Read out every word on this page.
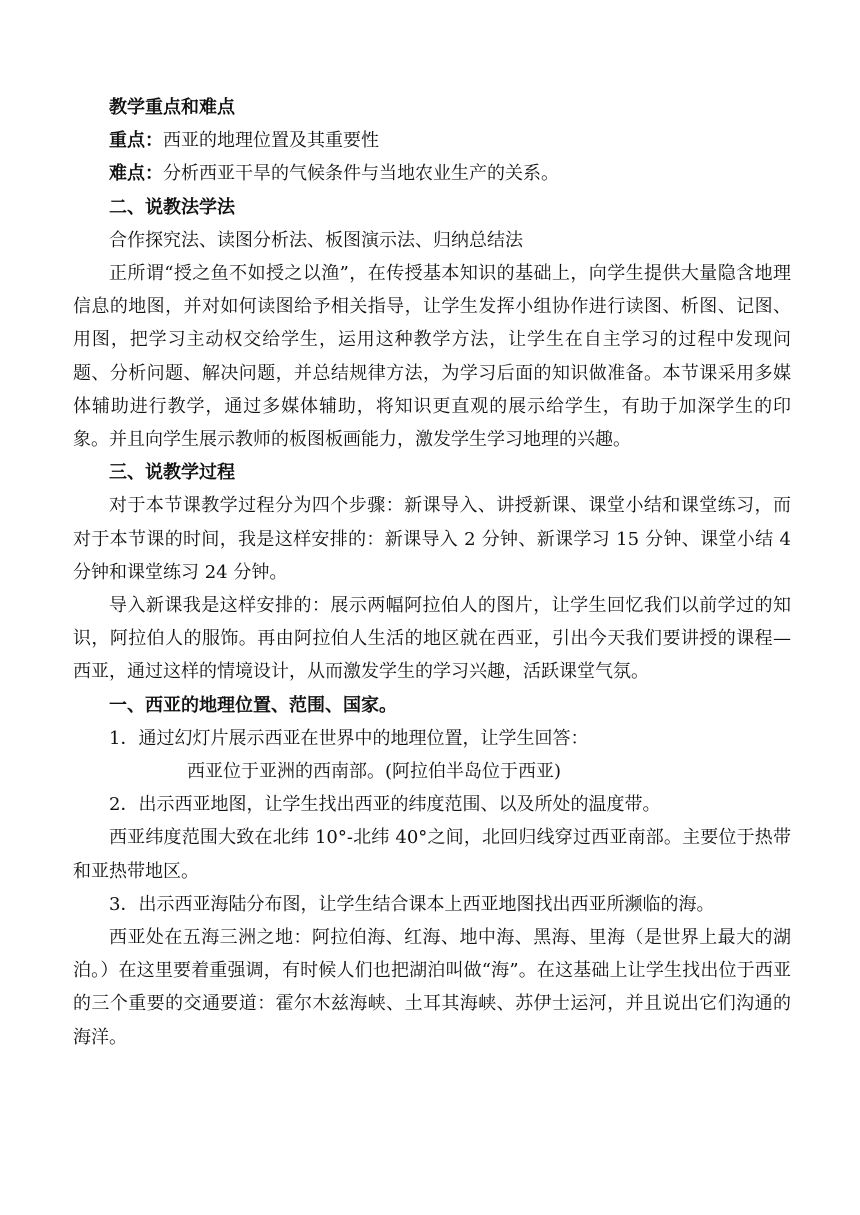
教学重点和难点

重点：西亚的地理位置及其重要性

难点：分析西亚干旱的气候条件与当地农业生产的关系。

二、说教法学法

合作探究法、读图分析法、板图演示法、归纳总结法

正所谓“授之鱼不如授之以渔”，在传授基本知识的基础上，向学生提供大量隐含地理信息的地图，并对如何读图给予相关指导，让学生发挥小组协作进行读图、析图、记图、用图，把学习主动权交给学生，运用这种教学方法，让学生在自主学习的过程中发现问题、分析问题、解决问题，并总结规律方法，为学习后面的知识做准备。本节课采用多媒体辅助进行教学，通过多媒体辅助，将知识更直观的展示给学生，有助于加深学生的印象。并且向学生展示教师的板图板画能力，激发学生学习地理的兴趣。

三、说教学过程

对于本节课教学过程分为四个步骤：新课导入、讲授新课、课堂小结和课堂练习，而对于本节课的时间，我是这样安排的：新课导入 2 分钟、新课学习 15 分钟、课堂小结 4 分钟和课堂练习 24 分钟。

导入新课我是这样安排的：展示两幅阿拉伯人的图片，让学生回忆我们以前学过的知识，阿拉伯人的服饰。再由阿拉伯人生活的地区就在西亚，引出今天我们要讲授的课程—西亚，通过这样的情境设计，从而激发学生的学习兴趣，活跃课堂气氛。

一、西亚的地理位置、范围、国家。

1．通过幻灯片展示西亚在世界中的地理位置，让学生回答：

西亚位于亚洲的西南部。(阿拉伯半岛位于西亚)

2．出示西亚地图，让学生找出西亚的纬度范围、以及所处的温度带。

西亚纬度范围大致在北纬 10°-北纬 40°之间，北回归线穿过西亚南部。主要位于热带和亚热带地区。

3．出示西亚海陆分布图，让学生结合课本上西亚地图找出西亚所濒临的海。

西亚处在五海三洲之地：阿拉伯海、红海、地中海、黑海、里海（是世界上最大的湖泊。）在这里要着重强调，有时候人们也把湖泊叫做“海”。在这基础上让学生找出位于西亚的三个重要的交通要道：霍尔木兹海峡、土耳其海峡、苏伊士运河，并且说出它们沟通的海洋。
